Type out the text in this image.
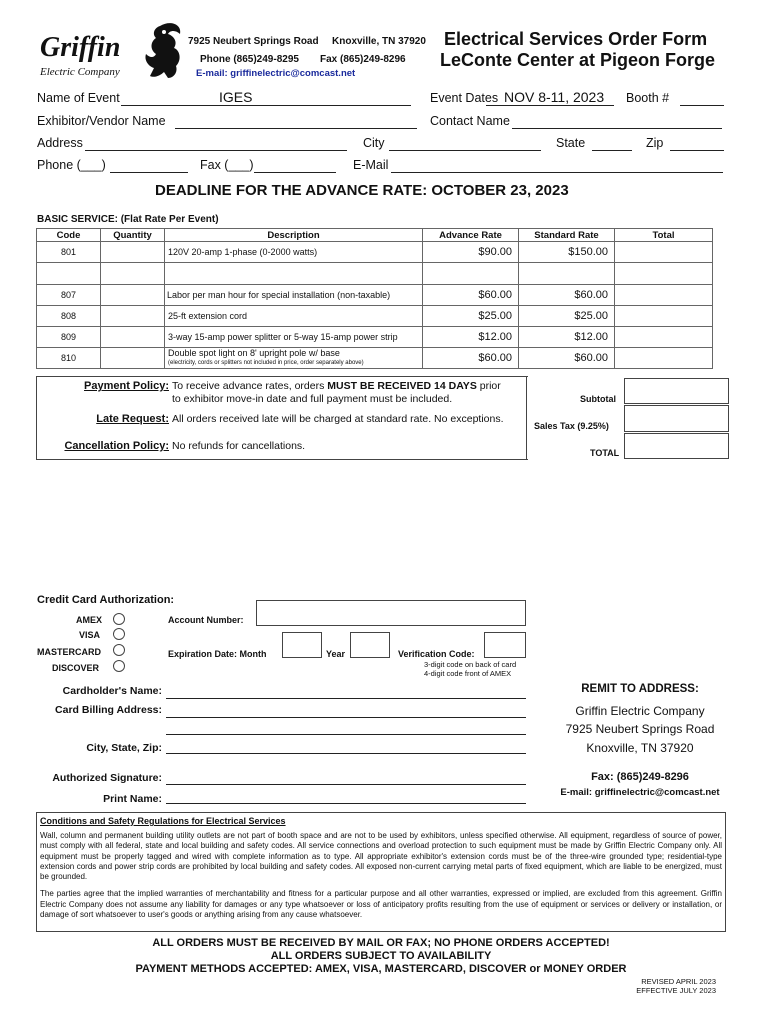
Griffin
Electric Company
7925 Neubert Springs Road Knoxville, TN 37920
Phone (865)249-8295 Fax (865)249-8296
E-mail: griffinelectric@comcast.net
Electrical Services Order Form
LeConte Center at Pigeon Forge
Name of Event	IGES	Event Dates NOV 8-11, 2023 Booth #
Exhibitor/Vendor Name	Contact Name
Address	City	State	Zip
Phone (___)	Fax (___)	E-Mail
DEADLINE FOR THE ADVANCE RATE: OCTOBER 23, 2023
BASIC SERVICE: (Flat Rate Per Event)
Code	Quantity	Description	Advance Rate	Standard Rate	Total
801		120V 20-amp 1-phase (0-2000 watts)	$90.00	$150.00	

807		Labor per man hour for special installation (non-taxable)	$60.00	$60.00	
808		25-ft extension cord	$25.00	$25.00	
809		3-way 15-amp power splitter or 5-way 15-amp power strip	$12.00	$12.00	
810		Double spot light on 8' upright pole w/ base
(electricity, cords or splitters not included in price, order separately above)	$60.00	$60.00	
Payment Policy: To receive advance rates, orders MUST BE RECEIVED 14 DAYS prior
to exhibitor move-in date and full payment must be included.
Late Request: All orders received late will be charged at standard rate. No exceptions.
Cancellation Policy: No refunds for cancellations.
Subtotal
Sales Tax (9.25%)
TOTAL
Credit Card Authorization:
AMEX
VISA
MASTERCARD
DISCOVER
Account Number:
Expiration Date: Month	Year	Verification Code:
3-digit code on back of card
4-digit code front of AMEX
Cardholder's Name:
Card Billing Address:
City, State, Zip:
Authorized Signature:
Print Name:
REMIT TO ADDRESS:
Griffin Electric Company
7925 Neubert Springs Road
Knoxville, TN 37920
Fax: (865)249-8296
E-mail: griffinelectric@comcast.net
Conditions and Safety Regulations for Electrical Services
Wall, column and permanent building utility outlets are not part of booth space and are not to be used by exhibitors, unless specified otherwise. All equipment, regardless of source of power, must comply with all federal, state and local building and safety codes. All service connections and overload protection to such equipment must be made by Griffin Electric Company only. All equipment must be properly tagged and wired with complete information as to type. All appropriate exhibitor's extension cords must be of the three-wire grounded type; residential-type extension cords and power strip cords are prohibited by local building and safety codes. All exposed non-current carrying metal parts of fixed equipment, which are liable to be energized, must be grounded.
The parties agree that the implied warranties of merchantability and fitness for a particular purpose and all other warranties, expressed or implied, are excluded from this agreement. Griffin Electric Company does not assume any liability for damages or any type whatsoever or loss of anticipatory profits resulting from the use of equipment or services or delivery or installation, or damage of sort whatsoever to user's goods or anything arising from any cause whatsoever.
ALL ORDERS MUST BE RECEIVED BY MAIL OR FAX; NO PHONE ORDERS ACCEPTED!
ALL ORDERS SUBJECT TO AVAILABILITY
PAYMENT METHODS ACCEPTED: AMEX, VISA, MASTERCARD, DISCOVER or MONEY ORDER
REVISED APRIL 2023
EFFECTIVE JULY 2023
